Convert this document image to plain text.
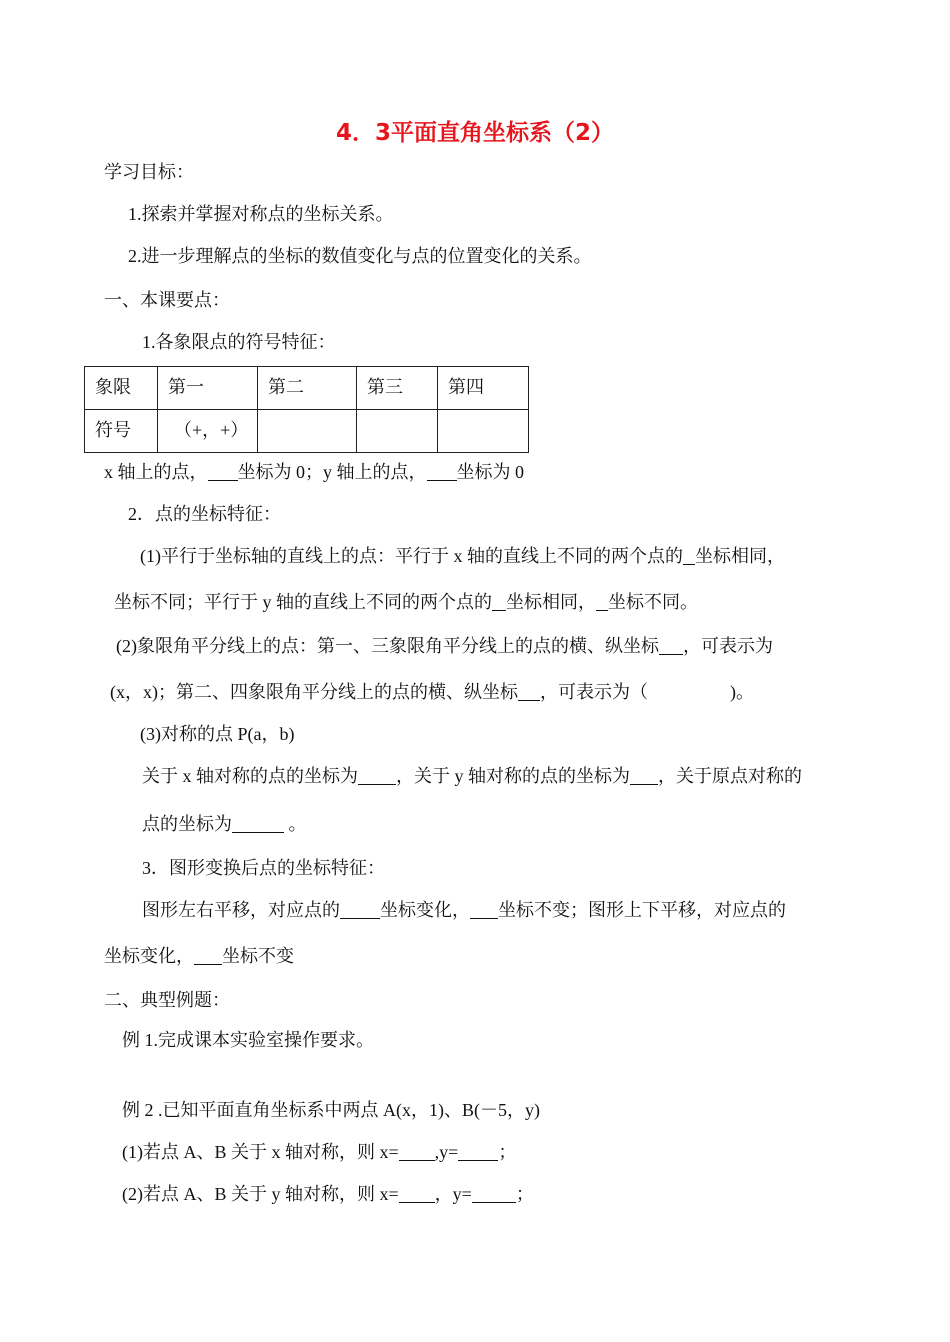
4．3平面直角坐标系（2）
学习目标：
1.探索并掌握对称点的坐标关系。
2.进一步理解点的坐标的数值变化与点的位置变化的关系。
一、本课要点：
1.各象限点的符号特征：
象限	第一	第二	第三	第四
符号	（+，+）			
x 轴上的点， 坐标为 0；y 轴上的点， 坐标为 0
2．点的坐标特征：
(1)平行于坐标轴的直线上的点：平行于 x 轴的直线上不同的两个点的 坐标相同，
坐标不同；平行于 y 轴的直线上不同的两个点的 坐标相同， 坐标不同。
(2)象限角平分线上的点：第一、三象限角平分线上的点的横、纵坐标 ，可表示为
(x，x)；第二、四象限角平分线上的点的横、纵坐标 ，可表示为（	)。
(3)对称的点 P(a，b)
关于 x 轴对称的点的坐标为 ，关于 y 轴对称的点的坐标为 ，关于原点对称的
点的坐标为	。
3．图形变换后点的坐标特征：
图形左右平移，对应点的 坐标变化， 坐标不变；图形上下平移，对应点的
坐标变化， 坐标不变
二、典型例题：
例 1.完成课本实验室操作要求。
例 2 .已知平面直角坐标系中两点 A(x，1)、B(－5，y)
(1)若点 A、B 关于 x 轴对称，则 x= ,y= ；
(2)若点 A、B 关于 y 轴对称，则 x= ，y= ；
